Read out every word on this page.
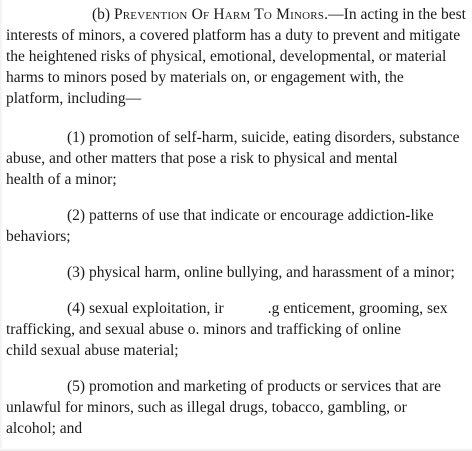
(b) Prevention Of Harm To Minors.—In acting in the best
interests of minors, a covered platform has a duty to prevent and mitigate
the heightened risks of physical, emotional, developmental, or material
harms to minors posed by materials on, or engagement with, the
platform, including—
(1) promotion of self-harm, suicide, eating disorders, substance
abuse, and other matters that pose a risk to physical and mental
health of a minor;
(2) patterns of use that indicate or encourage addiction-like
behaviors;
(3) physical harm, online bullying, and harassment of a minor;
(4) sexual exploitation, ir	.g enticement, grooming, sex
trafficking, and sexual abuse o. minors and trafficking of online
child sexual abuse material;
(5) promotion and marketing of products or services that are
unlawful for minors, such as illegal drugs, tobacco, gambling, or
alcohol; and
